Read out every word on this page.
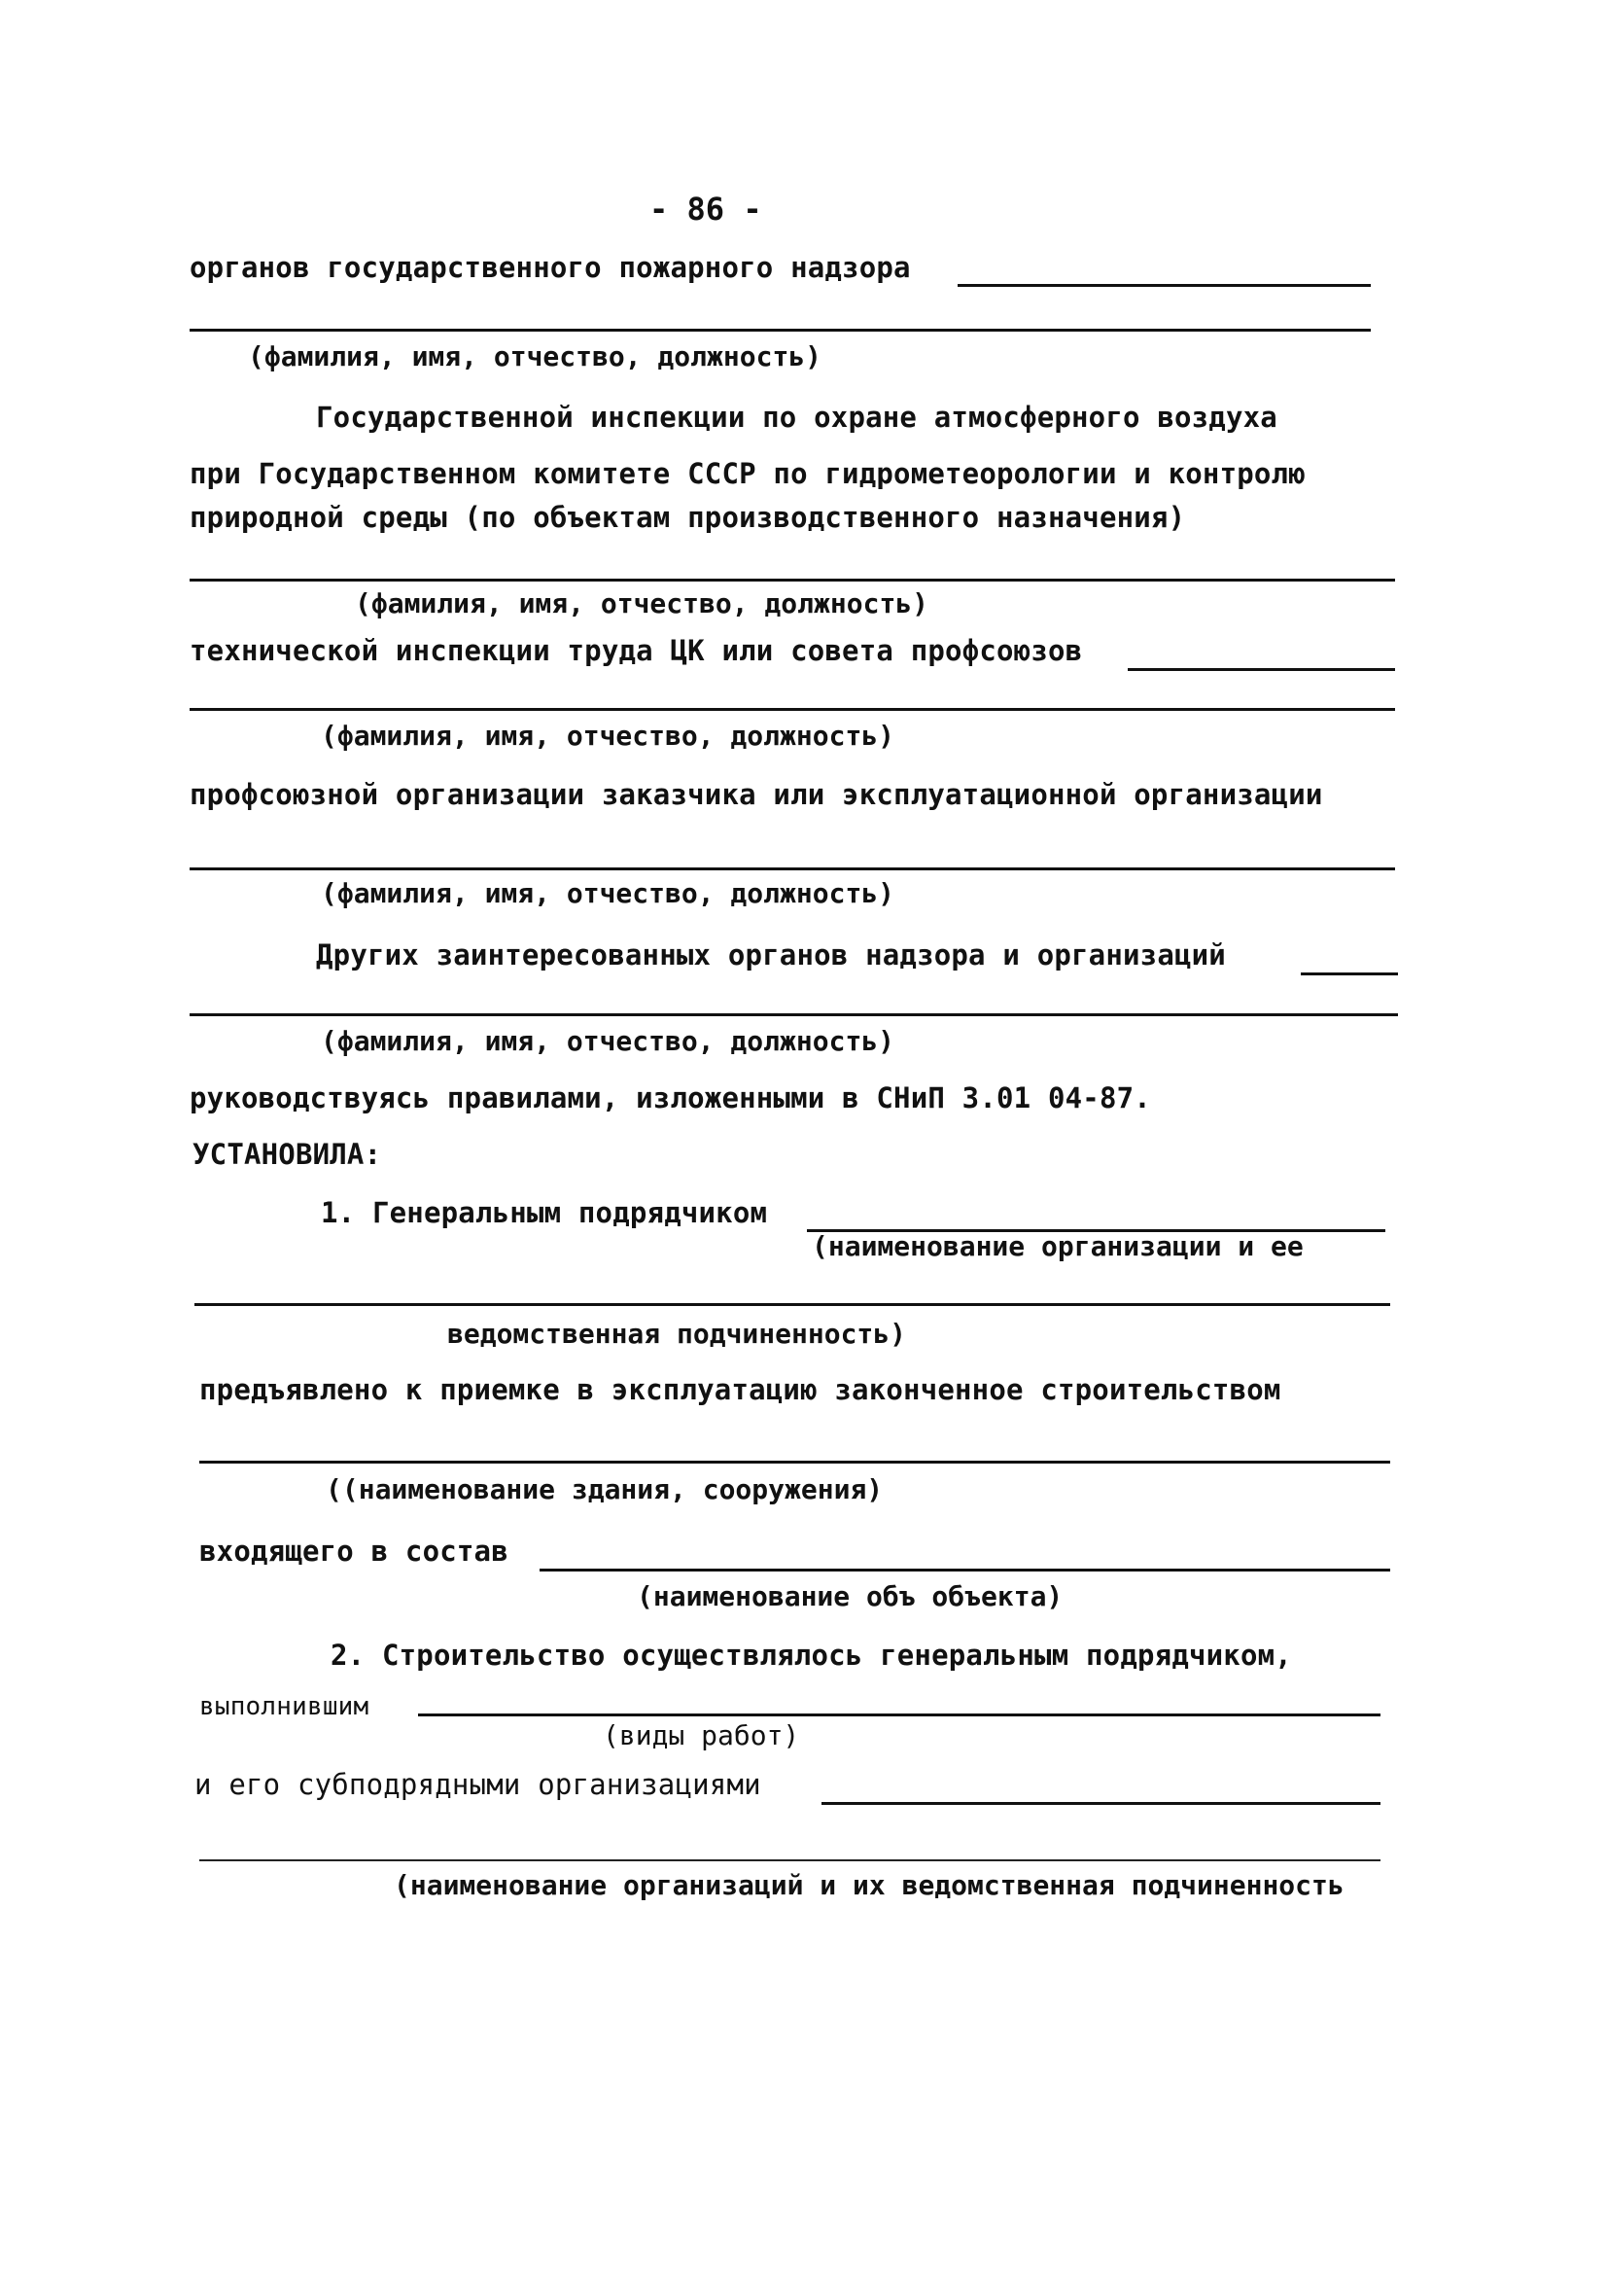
- 86 -
органов государственного пожарного надзора
(фамилия, имя, отчество, должность)
Государственной инспекции по охране атмосферного воздуха
при Государственном комитете СССР по гидрометеорологии и контролю
природной среды (по объектам производственного назначения)
(фамилия, имя, отчество, должность)
технической инспекции труда ЦК или совета профсоюзов
(фамилия, имя, отчество, должность)
профсоюзной организации заказчика или эксплуатационной организации
(фамилия, имя, отчество, должность)
Других заинтересованных органов надзора и организаций
(фамилия, имя, отчество, должность)
руководствуясь правилами, изложенными в СНиП 3.01 04-87.
УСТАНОВИЛА:
1. Генеральным подрядчиком
(наименование организации и ее
ведомственная подчиненность)
предъявлено к приемке в эксплуатацию законченное строительством
((наименование здания, сооружения)
входящего в состав
(наименование объ объекта)
2. Строительство осуществлялось генеральным подрядчиком,
выполнившим
(виды работ)
и его субподрядными организациями
(наименование организаций и их ведомственная подчиненность
